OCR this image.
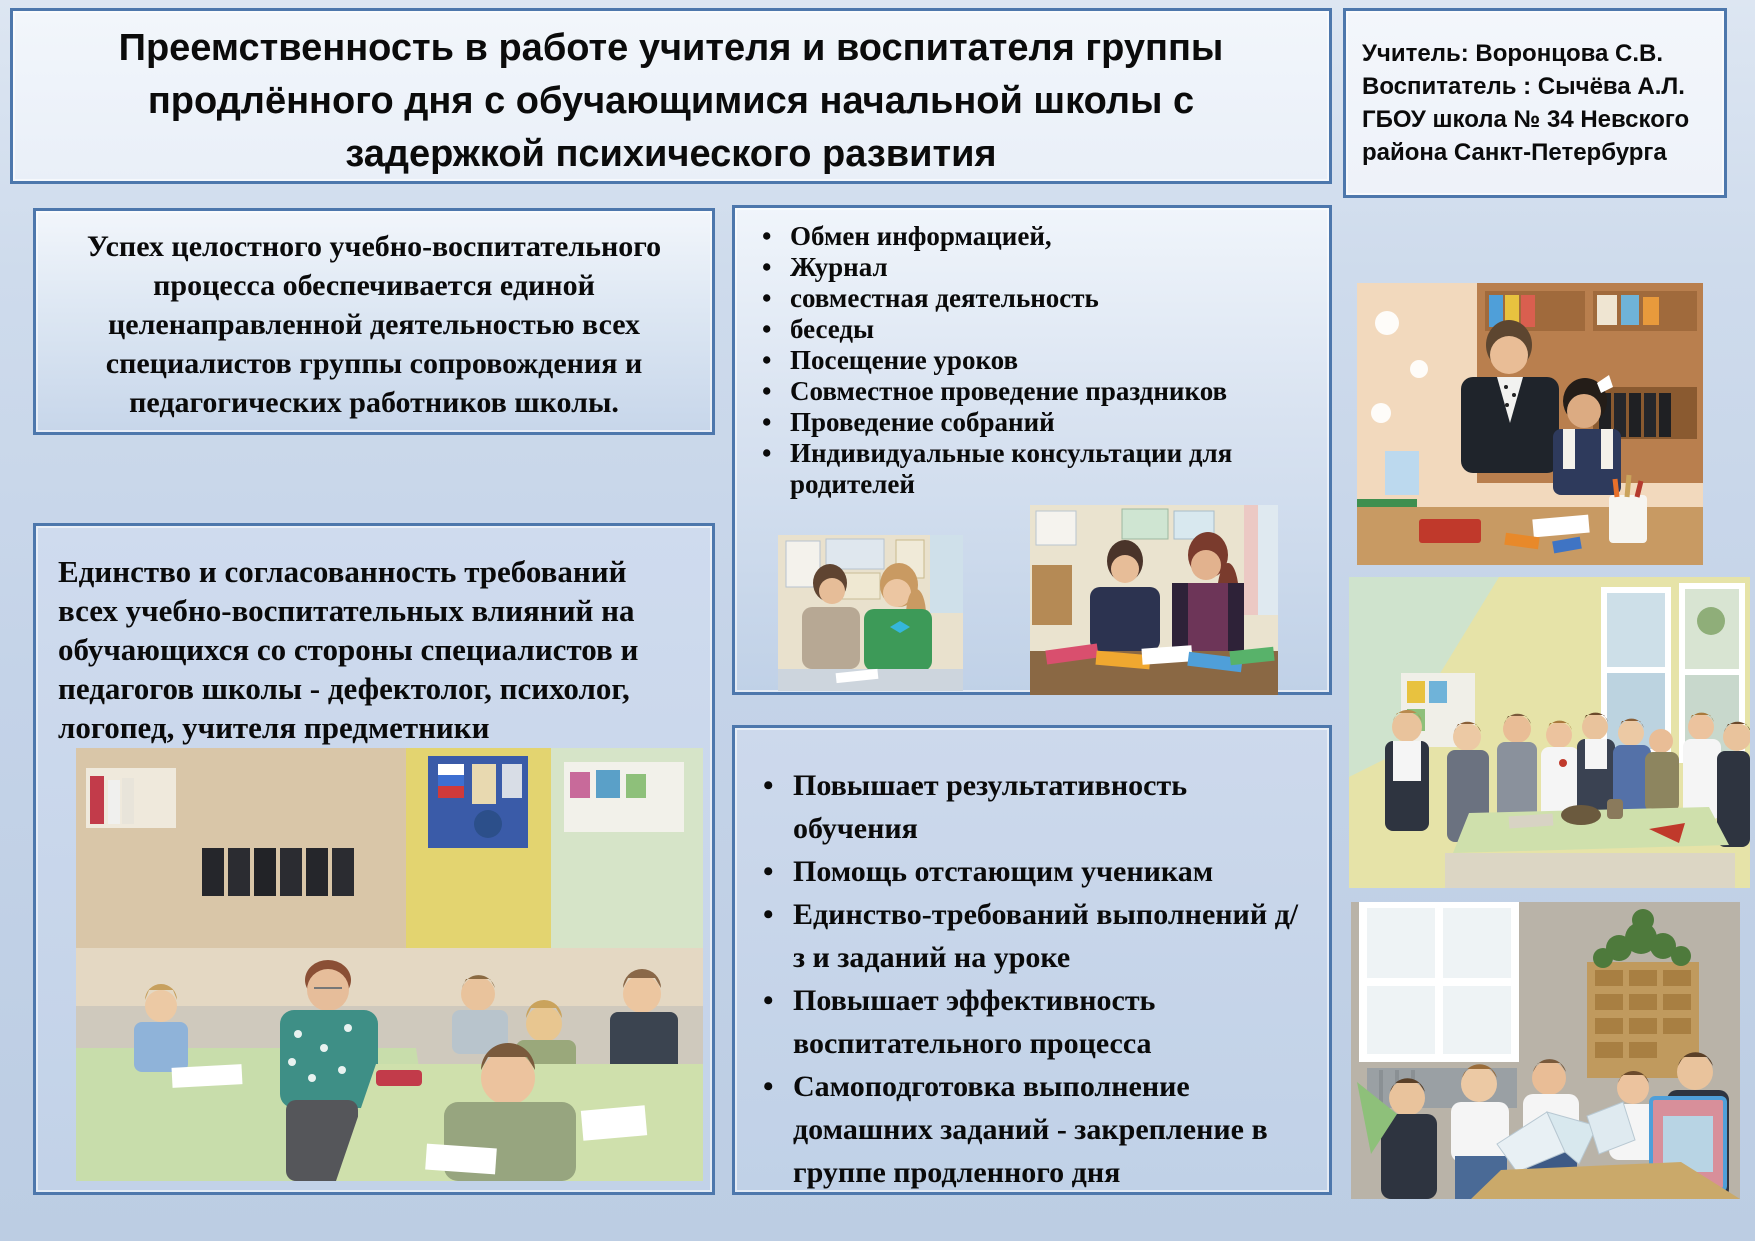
Преемственность в работе учителя и воспитателя группы
продлённого дня с обучающимися начальной школы с
задержкой психического развития
Учитель: Воронцова С.В.
Воспитатель : Сычёва А.Л.
ГБОУ школа № 34 Невского
района Санкт-Петербурга
Успех целостного учебно-воспитательного
процесса обеспечивается единой
целенаправленной деятельностью всех
специалистов группы сопровождения и
педагогических работников школы.
• Обмен информацией,
• Журнал
• совместная деятельность
• беседы
• Посещение уроков
• Совместное проведение праздников
• Проведение собраний
• Индивидуальные консультации для родителей
Единство и согласованность требований
всех учебно-воспитательных влияний на
обучающихся со стороны специалистов и
педагогов школы - дефектолог, психолог,
логопед, учителя предметники
• Повышает результативность обучения
• Помощь отстающим ученикам
• Единство-требований выполнений д/з и заданий на уроке
• Повышает эффективность воспитательного процесса
• Самоподготовка выполнение домашних заданий - закрепление в группе продленного дня
